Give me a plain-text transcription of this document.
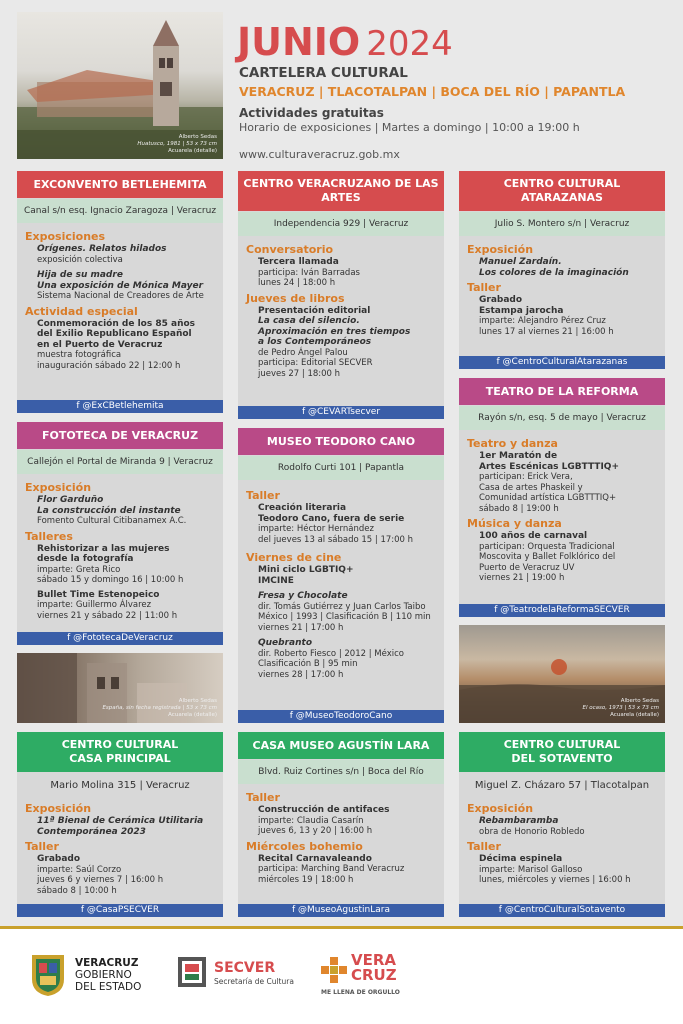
Alberto Sedas
Huatusco, 1981 | 53 x 73 cm
Acuarela (detalle)
JUNIO 2024
CARTELERA CULTURAL
VERACRUZ | TLACOTALPAN | BOCA DEL RÍO | PAPANTLA
Actividades gratuitas
Horario de exposiciones | Martes a domingo | 10:00 a 19:00 h
www.culturaveracruz.gob.mx
EXCONVENTO BETLEHEMITA
Canal s/n esq. Ignacio Zaragoza | Veracruz
Exposiciones
Orígenes. Relatos hilados
exposición colectiva
Hija de su madre
Una exposición de Mónica Mayer
Sistema Nacional de Creadores de Arte
Actividad especial
Conmemoración de los 85 años
del Exilio Republicano Español
en el Puerto de Veracruz
muestra fotográfica
inauguración sábado 22 | 12:00 h
f @ExCBetlehemita
CENTRO VERACRUZANO DE LAS ARTES
Independencia 929 | Veracruz
Conversatorio
Tercera llamada
participa: Iván Barradas
lunes 24 | 18:00 h
Jueves de libros
Presentación editorial
La casa del silencio.
Aproximación en tres tiempos
a los Contemporáneos
de Pedro Ángel Palou
participa: Editorial SECVER
jueves 27 | 18:00 h
f @CEVARTsecver
CENTRO CULTURAL ATARAZANAS
Julio S. Montero s/n | Veracruz
Exposición
Manuel Zardaín.
Los colores de la imaginación
Taller
Grabado
Estampa jarocha
imparte: Alejandro Pérez Cruz
lunes 17 al viernes 21 | 16:00 h
f @CentroCulturalAtarazanas
TEATRO DE LA REFORMA
Rayón s/n, esq. 5 de mayo | Veracruz
Teatro y danza
1er Maratón de
Artes Escénicas LGBTTTIQ+
participan: Erick Vera,
Casa de artes Phaskeil y
Comunidad artística LGBTTTIQ+
sábado 8 | 19:00 h
Música y danza
100 años de carnaval
participan: Orquesta Tradicional
Moscovita y Ballet Folklórico del
Puerto de Veracruz UV
viernes 21 | 19:00 h
f @TeatrodelaReformaSECVER
FOTOTECA DE VERACRUZ
Callejón el Portal de Miranda 9 | Veracruz
Exposición
Flor Garduño
La construcción del instante
Fomento Cultural Citibanamex A.C.
Talleres
Rehistorizar a las mujeres
desde la fotografía
imparte: Greta Rico
sábado 15 y domingo 16 | 10:00 h
Bullet Time Estenopeico
imparte: Guillermo Álvarez
viernes 21 y sábado 22 | 11:00 h
f @FototecaDeVeracruz
MUSEO TEODORO CANO
Rodolfo Curti 101 | Papantla
Taller
Creación literaria
Teodoro Cano, fuera de serie
imparte: Héctor Hernández
del jueves 13 al sábado 15 | 17:00 h
Viernes de cine
Mini ciclo LGBTIQ+
IMCINE
Fresa y Chocolate
dir. Tomás Gutiérrez y Juan Carlos Taibo
México | 1993 | Clasificación B | 110 min
viernes 21 | 17:00 h
Quebranto
dir. Roberto Fiesco | 2012 | México
Clasificación B | 95 min
viernes 28 | 17:00 h
f @MuseoTeodoroCano
Alberto Sedas
España, sin fecha registrada | 53 x 73 cm
Acuarela (detalle)
Alberto Sedas
El ocaso, 1973 | 53 x 73 cm
Acuarela (detalle)
CENTRO CULTURAL
CASA PRINCIPAL
Mario Molina 315 | Veracruz
Exposición
11ª Bienal de Cerámica Utilitaria
Contemporánea 2023
Taller
Grabado
imparte: Saúl Corzo
jueves 6 y viernes 7 | 16:00 h
sábado 8 | 10:00 h
f @CasaPSECVER
CASA MUSEO AGUSTÍN LARA
Blvd. Ruiz Cortines s/n | Boca del Río
Taller
Construcción de antifaces
imparte: Claudia Casarín
jueves 6, 13 y 20 | 16:00 h
Miércoles bohemio
Recital Carnavaleando
participa: Marching Band Veracruz
miércoles 19 | 18:00 h
f @MuseoAgustinLara
CENTRO CULTURAL
DEL SOTAVENTO
Miguel Z. Cházaro 57 | Tlacotalpan
Exposición
Rebambaramba
obra de Honorio Robledo
Taller
Décima espinela
imparte: Marisol Galloso
lunes, miércoles y viernes | 16:00 h
f @CentroCulturalSotavento
VERACRUZ
GOBIERNO
DEL ESTADO
SECVER
Secretaría de Cultura
VERA
CRUZ
ME LLENA DE ORGULLO
